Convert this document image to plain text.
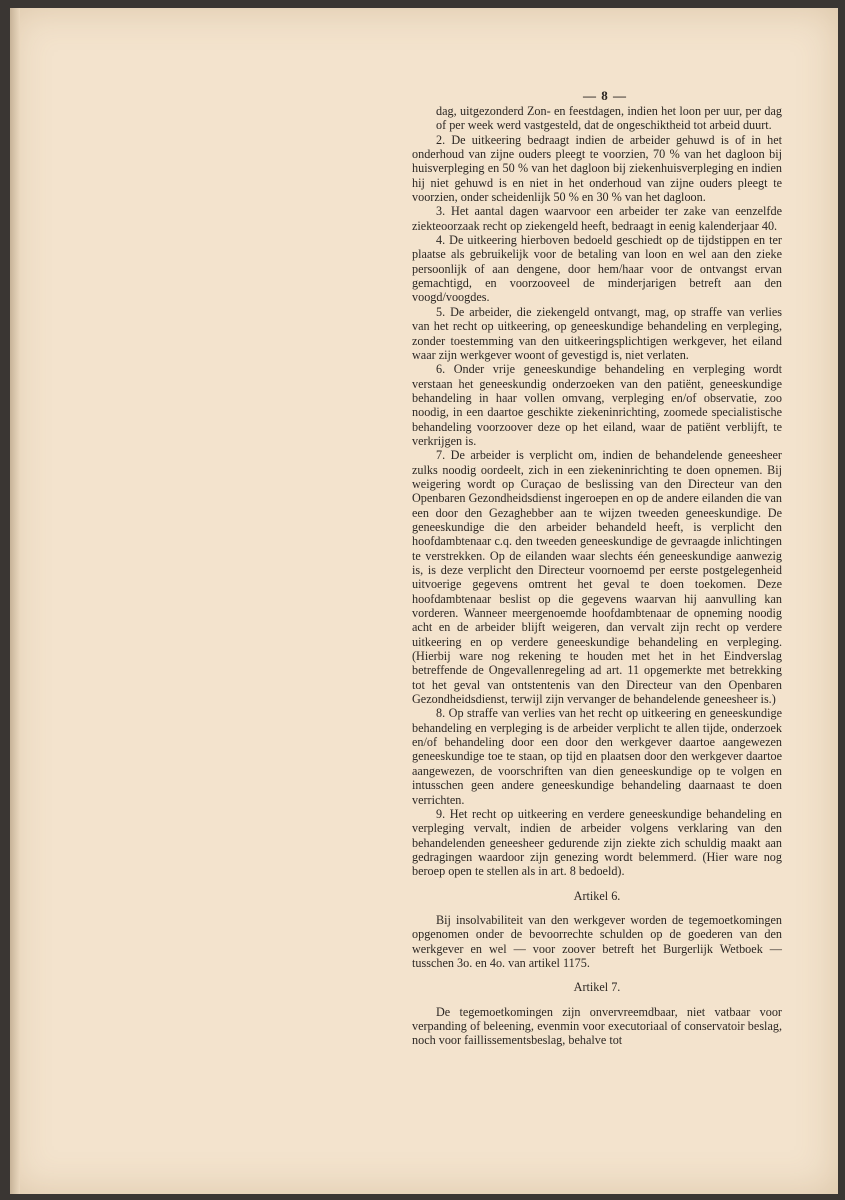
— 8 —

dag, uitgezonderd Zon- en feestdagen, indien het loon per uur, per dag of per week werd vastgesteld, dat de ongeschiktheid tot arbeid duurt.

2. De uitkeering bedraagt indien de arbeider gehuwd is of in het onderhoud van zijne ouders pleegt te voorzien, 70 % van het dagloon bij huisverpleging en 50 % van het dagloon bij ziekenhuisverpleging en indien hij niet gehuwd is en niet in het onderhoud van zijne ouders pleegt te voorzien, onder scheidenlijk 50 % en 30 % van het dagloon.

3. Het aantal dagen waarvoor een arbeider ter zake van eenzelfde ziekteoorzaak recht op ziekengeld heeft, bedraagt in eenig kalenderjaar 40.

4. De uitkeering hierboven bedoeld geschiedt op de tijdstippen en ter plaatse als gebruikelijk voor de betaling van loon en wel aan den zieke persoonlijk of aan dengene, door hem/haar voor de ontvangst ervan gemachtigd, en voorzooveel de minderjarigen betreft aan den voogd/voogdes.

5. De arbeider, die ziekengeld ontvangt, mag, op straffe van verlies van het recht op uitkeering, op geneeskundige behandeling en verpleging, zonder toestemming van den uitkeeringsplichtigen werkgever, het eiland waar zijn werkgever woont of gevestigd is, niet verlaten.

6. Onder vrije geneeskundige behandeling en verpleging wordt verstaan het geneeskundig onderzoeken van den patiënt, geneeskundige behandeling in haar vollen omvang, verpleging en/of observatie, zoo noodig, in een daartoe geschikte ziekeninrichting, zoomede specialistische behandeling voorzoover deze op het eiland, waar de patiënt verblijft, te verkrijgen is.

7. De arbeider is verplicht om, indien de behandelende geneesheer zulks noodig oordeelt, zich in een ziekeninrichting te doen opnemen. Bij weigering wordt op Curaçao de beslissing van den Directeur van den Openbaren Gezondheidsdienst ingeroepen en op de andere eilanden die van een door den Gezaghebber aan te wijzen tweeden geneeskundige. De geneeskundige die den arbeider behandeld heeft, is verplicht den hoofdambtenaar c.q. den tweeden geneeskundige de gevraagde inlichtingen te verstrekken. Op de eilanden waar slechts één geneeskundige aanwezig is, is deze verplicht den Directeur voornoemd per eerste postgelegenheid uitvoerige gegevens omtrent het geval te doen toekomen. Deze hoofdambtenaar beslist op die gegevens waarvan hij aanvulling kan vorderen. Wanneer meergenoemde hoofdambtenaar de opneming noodig acht en de arbeider blijft weigeren, dan vervalt zijn recht op verdere uitkeering en op verdere geneeskundige behandeling en verpleging. (Hierbij ware nog rekening te houden met het in het Eindverslag betreffende de Ongevallenregeling ad art. 11 opgemerkte met betrekking tot het geval van ontstentenis van den Directeur van den Openbaren Gezondheidsdienst, terwijl zijn vervanger de behandelende geneesheer is.)

8. Op straffe van verlies van het recht op uitkeering en geneeskundige behandeling en verpleging is de arbeider verplicht te allen tijde, onderzoek en/of behandeling door een door den werkgever daartoe aangewezen geneeskundige toe te staan, op tijd en plaatsen door den werkgever daartoe aangewezen, de voorschriften van dien geneeskundige op te volgen en intusschen geen andere geneeskundige behandeling daarnaast te doen verrichten.

9. Het recht op uitkeering en verdere geneeskundige behandeling en verpleging vervalt, indien de arbeider volgens verklaring van den behandelenden geneesheer gedurende zijn ziekte zich schuldig maakt aan gedragingen waardoor zijn genezing wordt belemmerd. (Hier ware nog beroep open te stellen als in art. 8 bedoeld).

Artikel 6.

Bij insolvabiliteit van den werkgever worden de tegemoetkomingen opgenomen onder de bevoorrechte schulden op de goederen van den werkgever en wel — voor zoover betreft het Burgerlijk Wetboek — tusschen 3o. en 4o. van artikel 1175.

Artikel 7.

De tegemoetkomingen zijn onvervreemdbaar, niet vatbaar voor verpanding of beleening, evenmin voor executoriaal of conservatoir beslag, noch voor faillissementsbeslag, behalve tot
